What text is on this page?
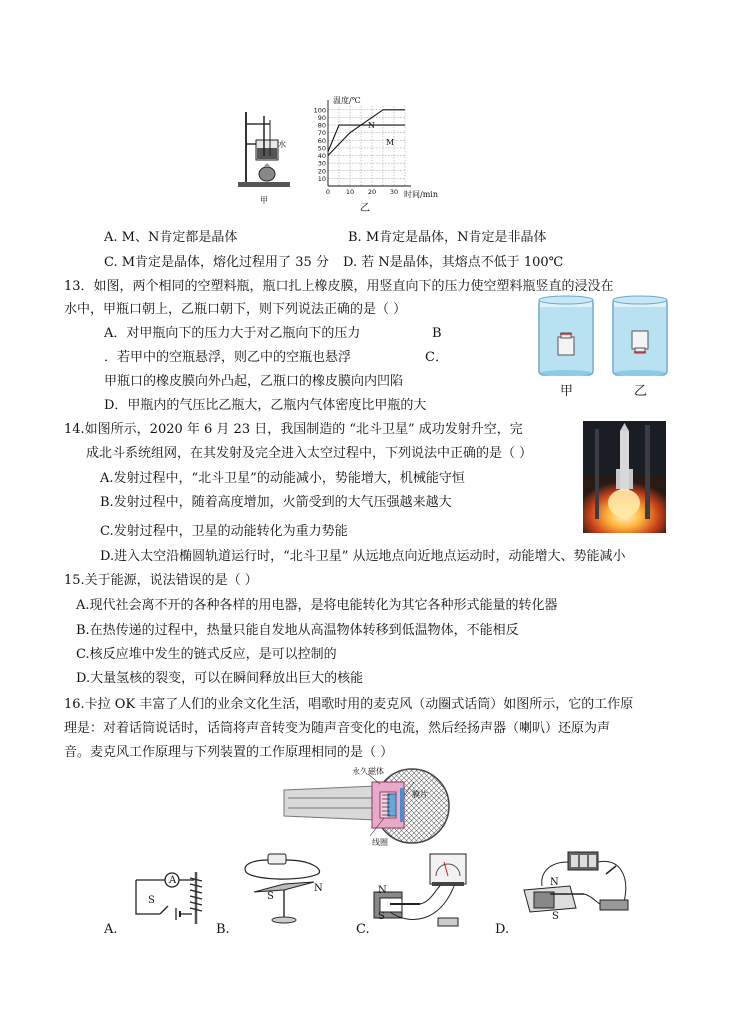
水
甲
100
90
80
70
60
50
40
30
20
10
0 10 20 30
温度/℃
时间/min
M
N
乙
A. M、N肯定都是晶体	B. M肯定是晶体，N肯定是非晶体
C. M肯定是晶体，熔化过程用了 35 分 D. 若 N是晶体，其熔点不低于 100℃
13．如图，两个相同的空塑料瓶，瓶口扎上橡皮膜，用竖直向下的压力使空塑料瓶竖直的浸没在
水中，甲瓶口朝上，乙瓶口朝下，则下列说法正确的是（ ）
A．对甲瓶向下的压力大于对乙瓶向下的压力	B
．若甲中的空瓶悬浮，则乙中的空瓶也悬浮	C．
甲瓶口的橡皮膜向外凸起，乙瓶口的橡皮膜向内凹陷
D．甲瓶内的气压比乙瓶大，乙瓶内气体密度比甲瓶的大
甲	乙
14.如图所示，2020 年 6 月 23 日，我国制造的 “北斗卫星” 成功发射升空，完
成北斗系统组网，在其发射及完全进入太空过程中，下列说法中正确的是（ ）
A.发射过程中，“北斗卫星”的动能减小，势能增大，机械能守恒
B.发射过程中，随着高度增加，火箭受到的大气压强越来越大
C.发射过程中，卫星的动能转化为重力势能
D.进入太空沿椭圆轨道运行时，“北斗卫星” 从远地点向近地点运动时，动能增大、势能减小
15.关于能源，说法错误的是（ ）
A.现代社会离不开的各种各样的用电器，是将电能转化为其它各种形式能量的转化器
B.在热传递的过程中，热量只能自发地从高温物体转移到低温物体，不能相反
C.核反应堆中发生的链式反应，是可以控制的
D.大量氢核的裂变，可以在瞬间释放出巨大的核能
16.卡拉 OK 丰富了人们的业余文化生活，唱歌时用的麦克风（动圈式话筒）如图所示，它的工作原
理是：对着话筒说话时，话筒将声音转变为随声音变化的电流，然后经扬声器（喇叭）还原为声
音。麦克风工作原理与下列装置的工作原理相同的是（ ）
永久磁体
膜片
线圈
A
S	S
N	N
S
N
S
A.	B.	C.	D.
